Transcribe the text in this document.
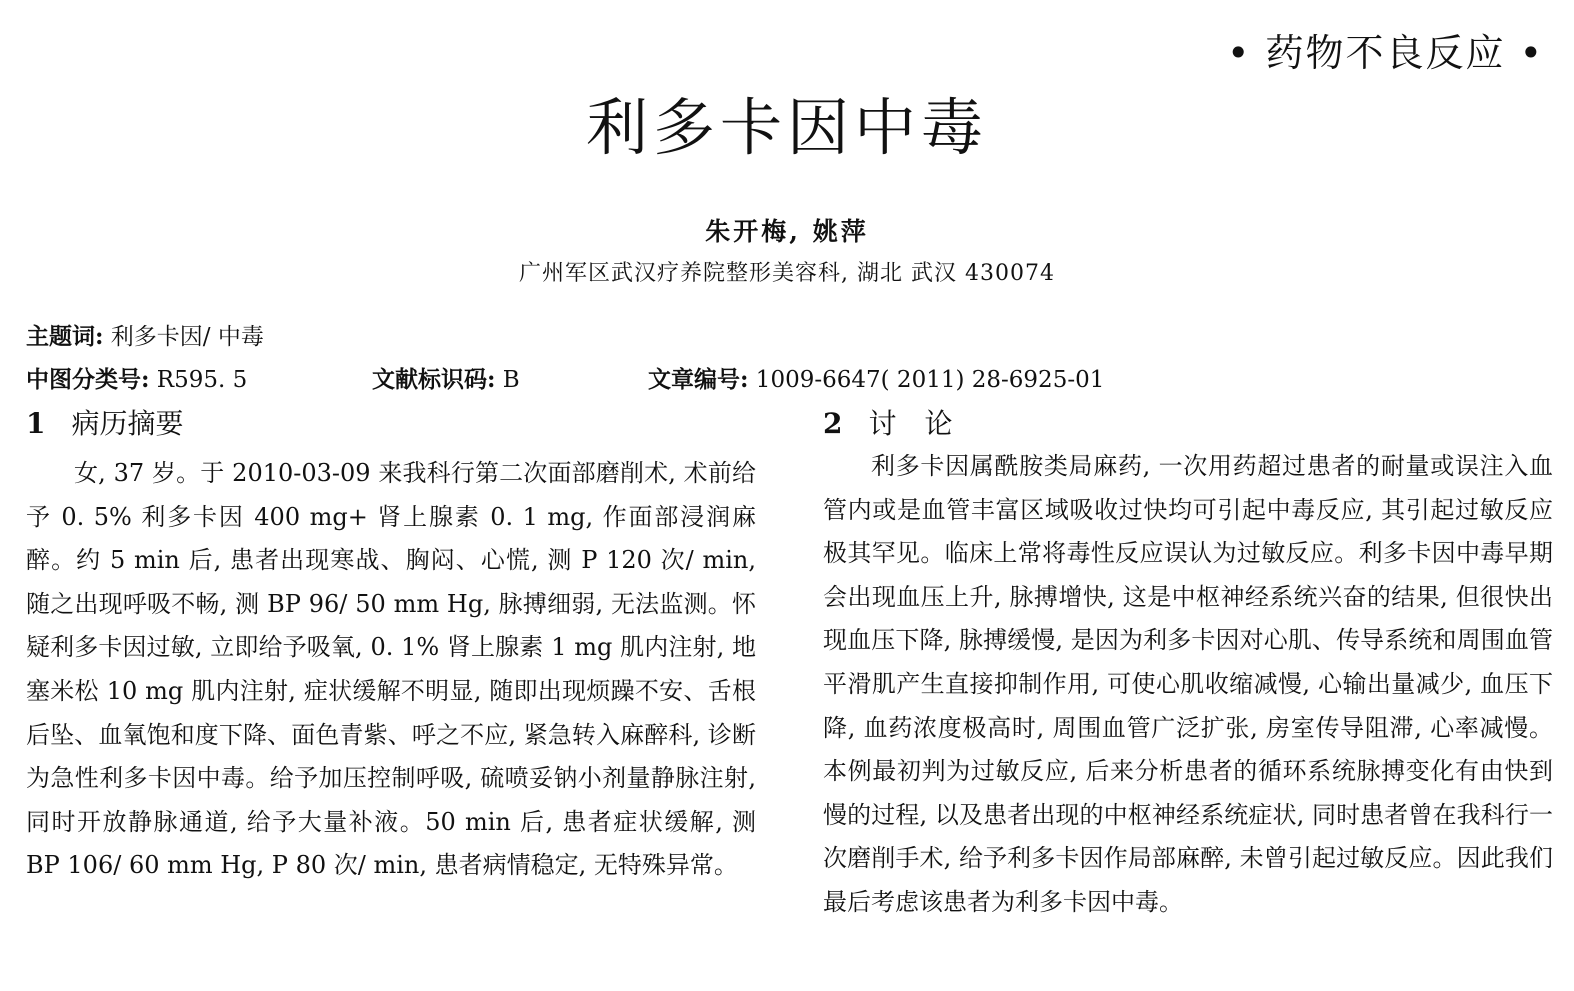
• 药物不良反应 •
利多卡因中毒
朱开梅, 姚萍
广州军区武汉疗养院整形美容科, 湖北 武汉 430074
主题词: 利多卡因/ 中毒
中图分类号: R595. 5	文献标识码: B	文章编号: 1009-6647( 2011) 28-6925-01
1 病历摘要

女, 37 岁。于 2010-03-09 来我科行第二次面部磨削术, 术前给予 0. 5% 利多卡因 400 mg+ 肾上腺素 0. 1 mg, 作面部浸润麻醉。约 5 min 后, 患者出现寒战、胸闷、心慌, 测 P 120 次/ min, 随之出现呼吸不畅, 测 BP 96/ 50 mm Hg, 脉搏细弱, 无法监测。怀疑利多卡因过敏, 立即给予吸氧, 0. 1% 肾上腺素 1 mg 肌内注射, 地塞米松 10 mg 肌内注射, 症状缓解不明显, 随即出现烦躁不安、舌根后坠、血氧饱和度下降、面色青紫、呼之不应, 紧急转入麻醉科, 诊断为急性利多卡因中毒。给予加压控制呼吸, 硫喷妥钠小剂量静脉注射, 同时开放静脉通道, 给予大量补液。50 min 后, 患者症状缓解, 测 BP 106/ 60 mm Hg, P 80 次/ min, 患者病情稳定, 无特殊异常。

2 讨　论

利多卡因属酰胺类局麻药, 一次用药超过患者的耐量或误注入血管内或是血管丰富区域吸收过快均可引起中毒反应, 其引起过敏反应极其罕见。临床上常将毒性反应误认为过敏反应。利多卡因中毒早期会出现血压上升, 脉搏增快, 这是中枢神经系统兴奋的结果, 但很快出现血压下降, 脉搏缓慢, 是因为利多卡因对心肌、传导系统和周围血管平滑肌产生直接抑制作用, 可使心肌收缩减慢, 心输出量减少, 血压下降, 血药浓度极高时, 周围血管广泛扩张, 房室传导阻滞, 心率减慢。本例最初判为过敏反应, 后来分析患者的循环系统脉搏变化有由快到慢的过程, 以及患者出现的中枢神经系统症状, 同时患者曾在我科行一次磨削手术, 给予利多卡因作局部麻醉, 未曾引起过敏反应。因此我们最后考虑该患者为利多卡因中毒。
